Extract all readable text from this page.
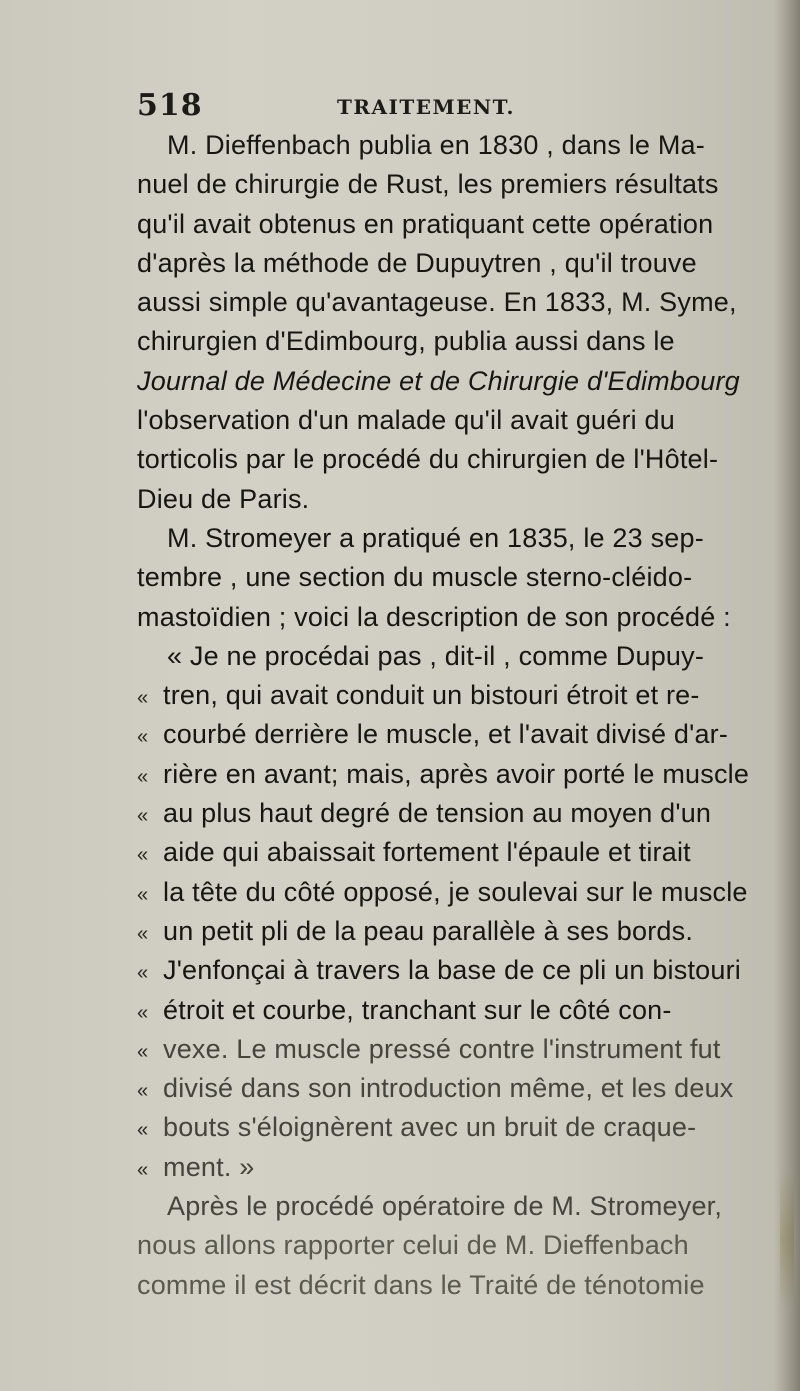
518	TRAITEMENT.
M. Dieffenbach publia en 1830 , dans le Ma-
nuel de chirurgie de Rust, les premiers résultats
qu'il avait obtenus en pratiquant cette opération
d'après la méthode de Dupuytren , qu'il trouve
aussi simple qu'avantageuse. En 1833, M. Syme,
chirurgien d'Edimbourg, publia aussi dans le
Journal de Médecine et de Chirurgie d'Edimbourg
l'observation d'un malade qu'il avait guéri du
torticolis par le procédé du chirurgien de l'Hôtel-
Dieu de Paris.
M. Stromeyer a pratiqué en 1835, le 23 sep-
tembre , une section du muscle sterno-cléido-
mastoïdien ; voici la description de son procédé :
« Je ne procédai pas , dit-il , comme Dupuy-
« tren, qui avait conduit un bistouri étroit et re-
« courbé derrière le muscle, et l'avait divisé d'ar-
« rière en avant; mais, après avoir porté le muscle
« au plus haut degré de tension au moyen d'un
« aide qui abaissait fortement l'épaule et tirait
« la tête du côté opposé, je soulevai sur le muscle
« un petit pli de la peau parallèle à ses bords.
« J'enfonçai à travers la base de ce pli un bistouri
« étroit et courbe, tranchant sur le côté con-
« vexe. Le muscle pressé contre l'instrument fut
« divisé dans son introduction même, et les deux
« bouts s'éloignèrent avec un bruit de craque-
« ment. »
Après le procédé opératoire de M. Stromeyer,
nous allons rapporter celui de M. Dieffenbach
comme il est décrit dans le Traité de ténotomie
